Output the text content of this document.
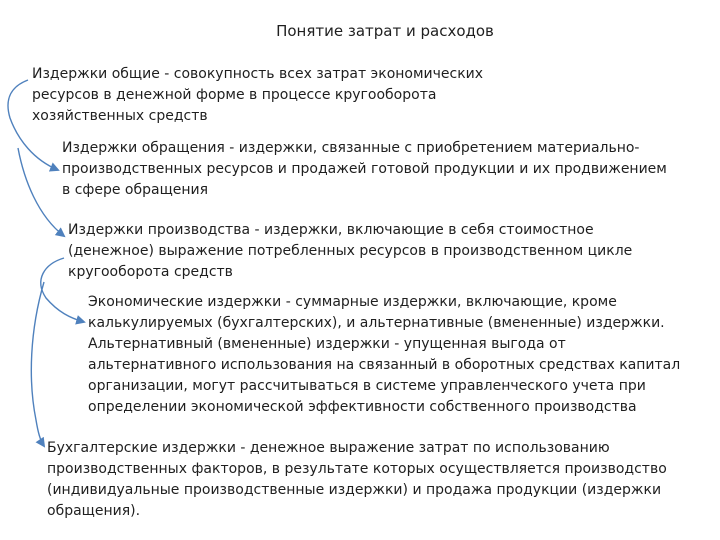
Понятие затрат и расходов
Издержки общие - совокупность всех затрат экономических
ресурсов в денежной форме в процессе кругооборота
хозяйственных средств
Издержки обращения - издержки, связанные с приобретением материально-
производственных ресурсов и продажей готовой продукции и их продвижением
в сфере обращения
Издержки производства - издержки, включающие в себя стоимостное
(денежное) выражение потребленных ресурсов в производственном цикле
кругооборота средств
Экономические издержки - суммарные издержки, включающие, кроме
калькулируемых (бухгалтерских), и альтернативные (вмененные) издержки.
Альтернативный (вмененные) издержки - упущенная выгода от
альтернативного использования на связанный в оборотных средствах капитал
организации, могут рассчитываться в системе управленческого учета при
определении экономической эффективности собственного производства
Бухгалтерские издержки - денежное выражение затрат по использованию
производственных факторов, в результате которых осуществляется производство
(индивидуальные производственные издержки) и продажа продукции (издержки
обращения).
